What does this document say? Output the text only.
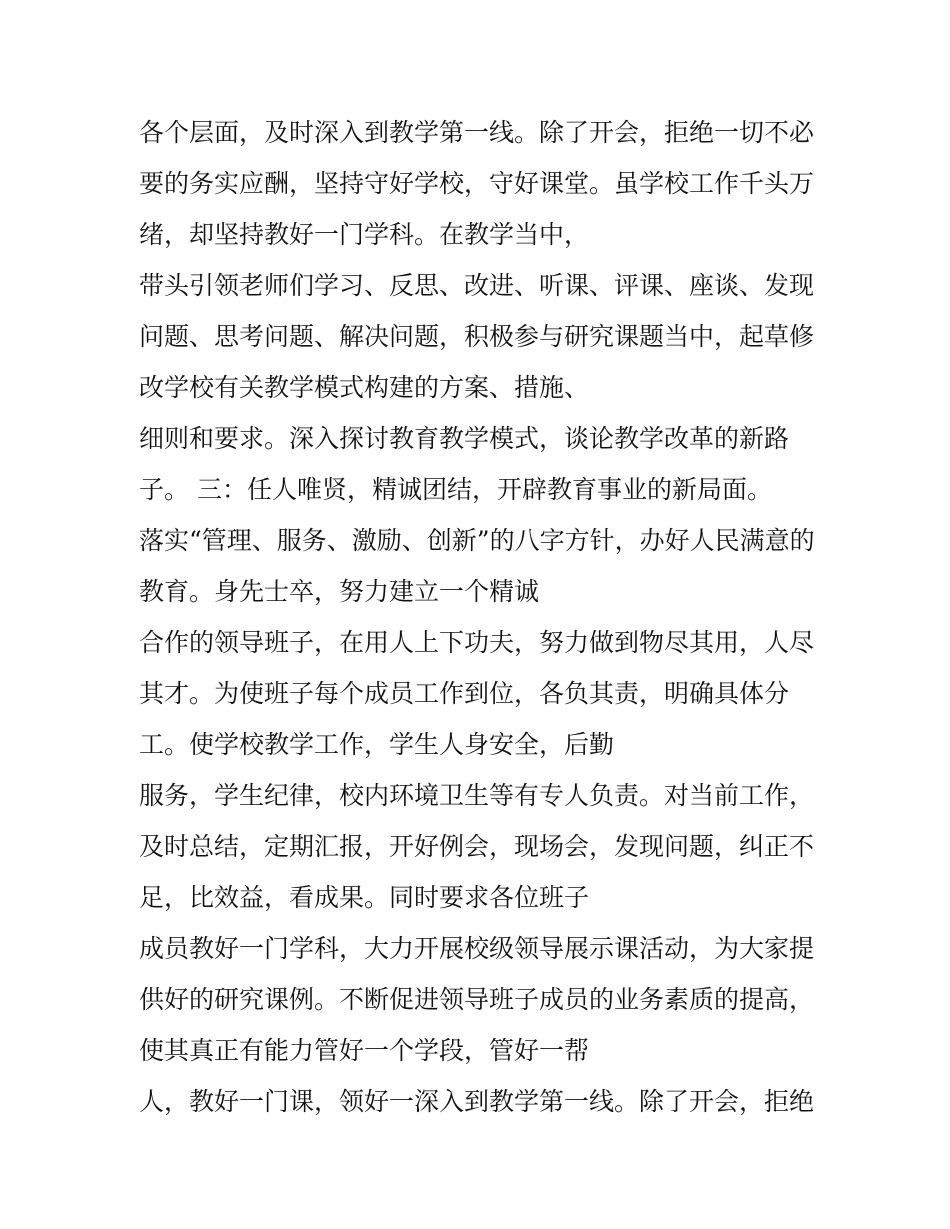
各个层面，及时深入到教学第一线。除了开会，拒绝一切不必
要的务实应酬，坚持守好学校，守好课堂。虽学校工作千头万
绪，却坚持教好一门学科。在教学当中，
带头引领老师们学习、反思、改进、听课、评课、座谈、发现
问题、思考问题、解决问题，积极参与研究课题当中，起草修
改学校有关教学模式构建的方案、措施、
细则和要求。深入探讨教育教学模式，谈论教学改革的新路
子。 三：任人唯贤，精诚团结，开辟教育事业的新局面。
落实“管理、服务、激励、创新”的八字方针，办好人民满意的
教育。身先士卒，努力建立一个精诚
合作的领导班子，在用人上下功夫，努力做到物尽其用，人尽
其才。为使班子每个成员工作到位，各负其责，明确具体分
工。使学校教学工作，学生人身安全，后勤
服务，学生纪律，校内环境卫生等有专人负责。对当前工作，
及时总结，定期汇报，开好例会，现场会，发现问题，纠正不
足，比效益，看成果。同时要求各位班子
成员教好一门学科，大力开展校级领导展示课活动，为大家提
供好的研究课例。不断促进领导班子成员的业务素质的提高，
使其真正有能力管好一个学段，管好一帮
人，教好一门课，领好一深入到教学第一线。除了开会，拒绝
